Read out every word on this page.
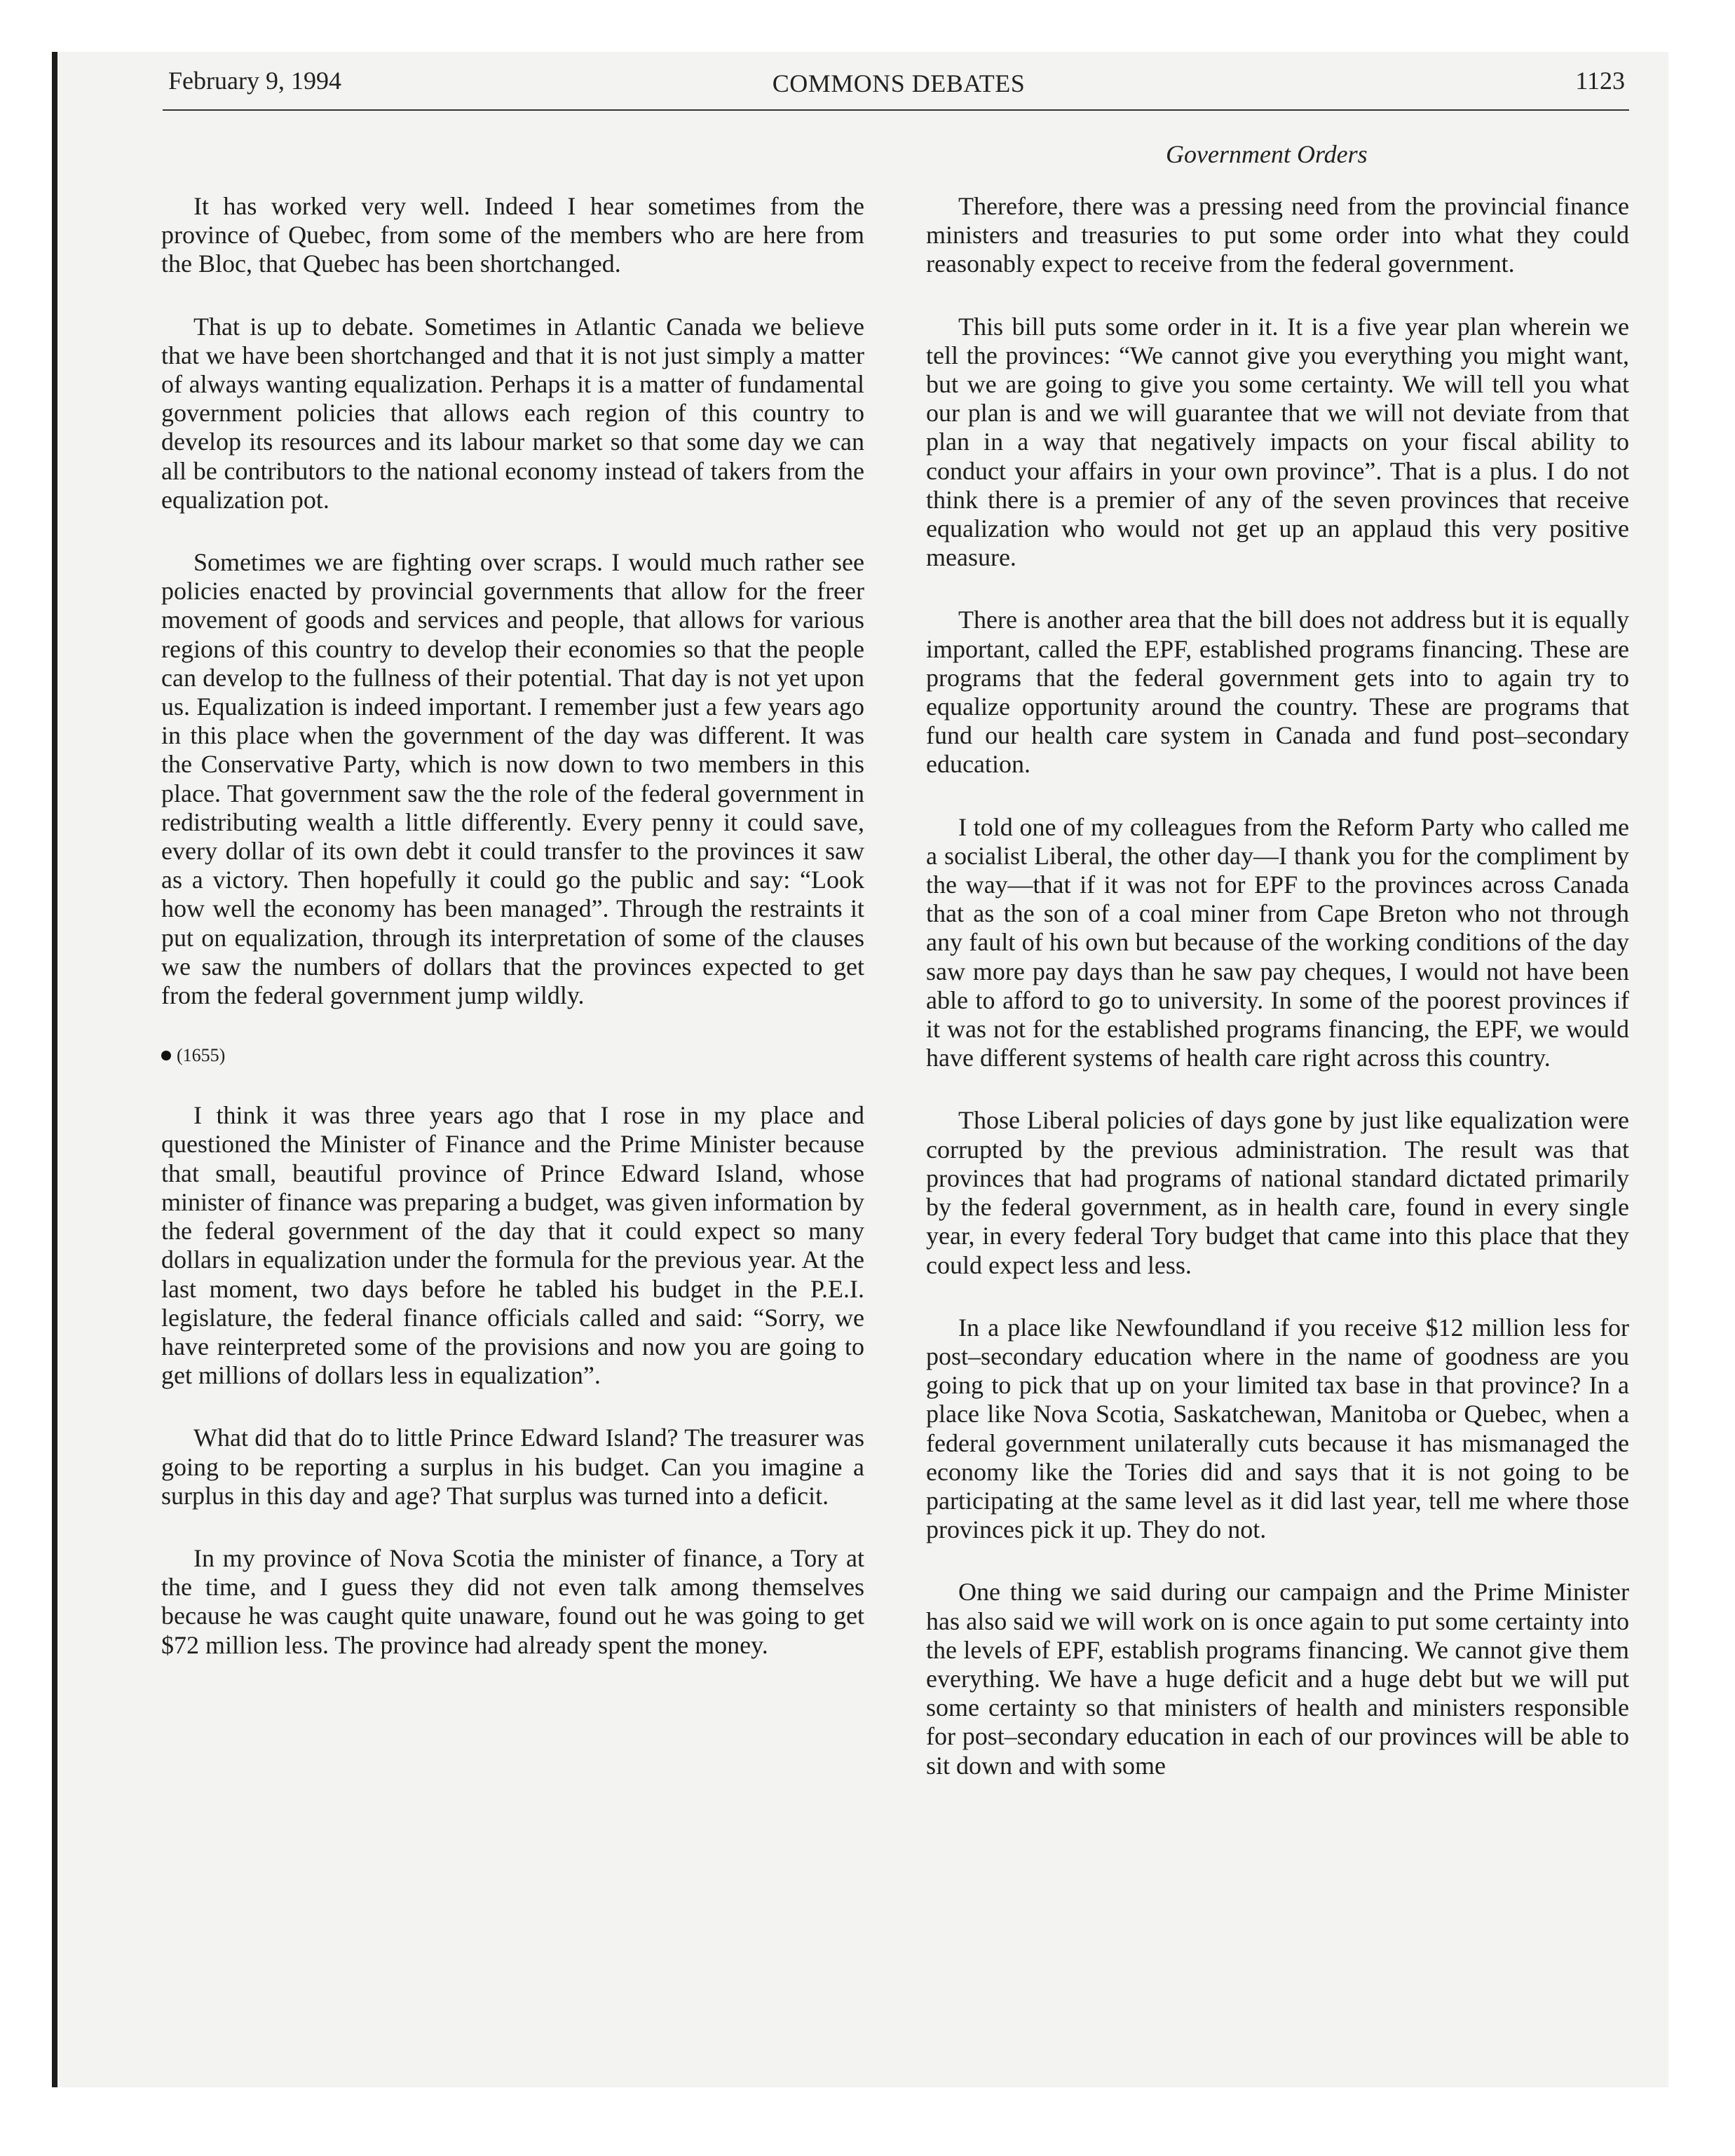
February 9, 1994	COMMONS DEBATES	1123
Government Orders

It has worked very well. Indeed I hear sometimes from the province of Quebec, from some of the members who are here from the Bloc, that Quebec has been shortchanged.

That is up to debate. Sometimes in Atlantic Canada we believe that we have been shortchanged and that it is not just simply a matter of always wanting equalization. Perhaps it is a matter of fundamental government policies that allows each region of this country to develop its resources and its labour market so that some day we can all be contributors to the national economy instead of takers from the equalization pot.

Sometimes we are fighting over scraps. I would much rather see policies enacted by provincial governments that allow for the freer movement of goods and services and people, that allows for various regions of this country to develop their economies so that the people can develop to the fullness of their potential. That day is not yet upon us. Equalization is indeed important. I remember just a few years ago in this place when the government of the day was different. It was the Conservative Party, which is now down to two members in this place. That government saw the the role of the federal government in redistributing wealth a little differently. Every penny it could save, every dollar of its own debt it could transfer to the provinces it saw as a victory. Then hopefully it could go the public and say: “Look how well the economy has been managed”. Through the restraints it put on equalization, through its interpretation of some of the clauses we saw the numbers of dollars that the provinces expected to get from the federal government jump wildly.

(1655)

I think it was three years ago that I rose in my place and questioned the Minister of Finance and the Prime Minister because that small, beautiful province of Prince Edward Island, whose minister of finance was preparing a budget, was given information by the federal government of the day that it could expect so many dollars in equalization under the formula for the previous year. At the last moment, two days before he tabled his budget in the P.E.I. legislature, the federal finance officials called and said: “Sorry, we have reinterpreted some of the provisions and now you are going to get millions of dollars less in equalization”.

What did that do to little Prince Edward Island? The treasurer was going to be reporting a surplus in his budget. Can you imagine a surplus in this day and age? That surplus was turned into a deficit.

In my province of Nova Scotia the minister of finance, a Tory at the time, and I guess they did not even talk among themselves because he was caught quite unaware, found out he was going to get $72 million less. The province had already spent the money.

Therefore, there was a pressing need from the provincial finance ministers and treasuries to put some order into what they could reasonably expect to receive from the federal government.

This bill puts some order in it. It is a five year plan wherein we tell the provinces: “We cannot give you everything you might want, but we are going to give you some certainty. We will tell you what our plan is and we will guarantee that we will not deviate from that plan in a way that negatively impacts on your fiscal ability to conduct your affairs in your own province”. That is a plus. I do not think there is a premier of any of the seven provinces that receive equalization who would not get up an applaud this very positive measure.

There is another area that the bill does not address but it is equally important, called the EPF, established programs financing. These are programs that the federal government gets into to again try to equalize opportunity around the country. These are programs that fund our health care system in Canada and fund post–secondary education.

I told one of my colleagues from the Reform Party who called me a socialist Liberal, the other day—I thank you for the compliment by the way—that if it was not for EPF to the provinces across Canada that as the son of a coal miner from Cape Breton who not through any fault of his own but because of the working conditions of the day saw more pay days than he saw pay cheques, I would not have been able to afford to go to university. In some of the poorest provinces if it was not for the established programs financing, the EPF, we would have different systems of health care right across this country.

Those Liberal policies of days gone by just like equalization were corrupted by the previous administration. The result was that provinces that had programs of national standard dictated primarily by the federal government, as in health care, found in every single year, in every federal Tory budget that came into this place that they could expect less and less.

In a place like Newfoundland if you receive $12 million less for post–secondary education where in the name of goodness are you going to pick that up on your limited tax base in that province? In a place like Nova Scotia, Saskatchewan, Manitoba or Quebec, when a federal government unilaterally cuts because it has mismanaged the economy like the Tories did and says that it is not going to be participating at the same level as it did last year, tell me where those provinces pick it up. They do not.

One thing we said during our campaign and the Prime Minister has also said we will work on is once again to put some certainty into the levels of EPF, establish programs financing. We cannot give them everything. We have a huge deficit and a huge debt but we will put some certainty so that ministers of health and ministers responsible for post–secondary education in each of our provinces will be able to sit down and with some
